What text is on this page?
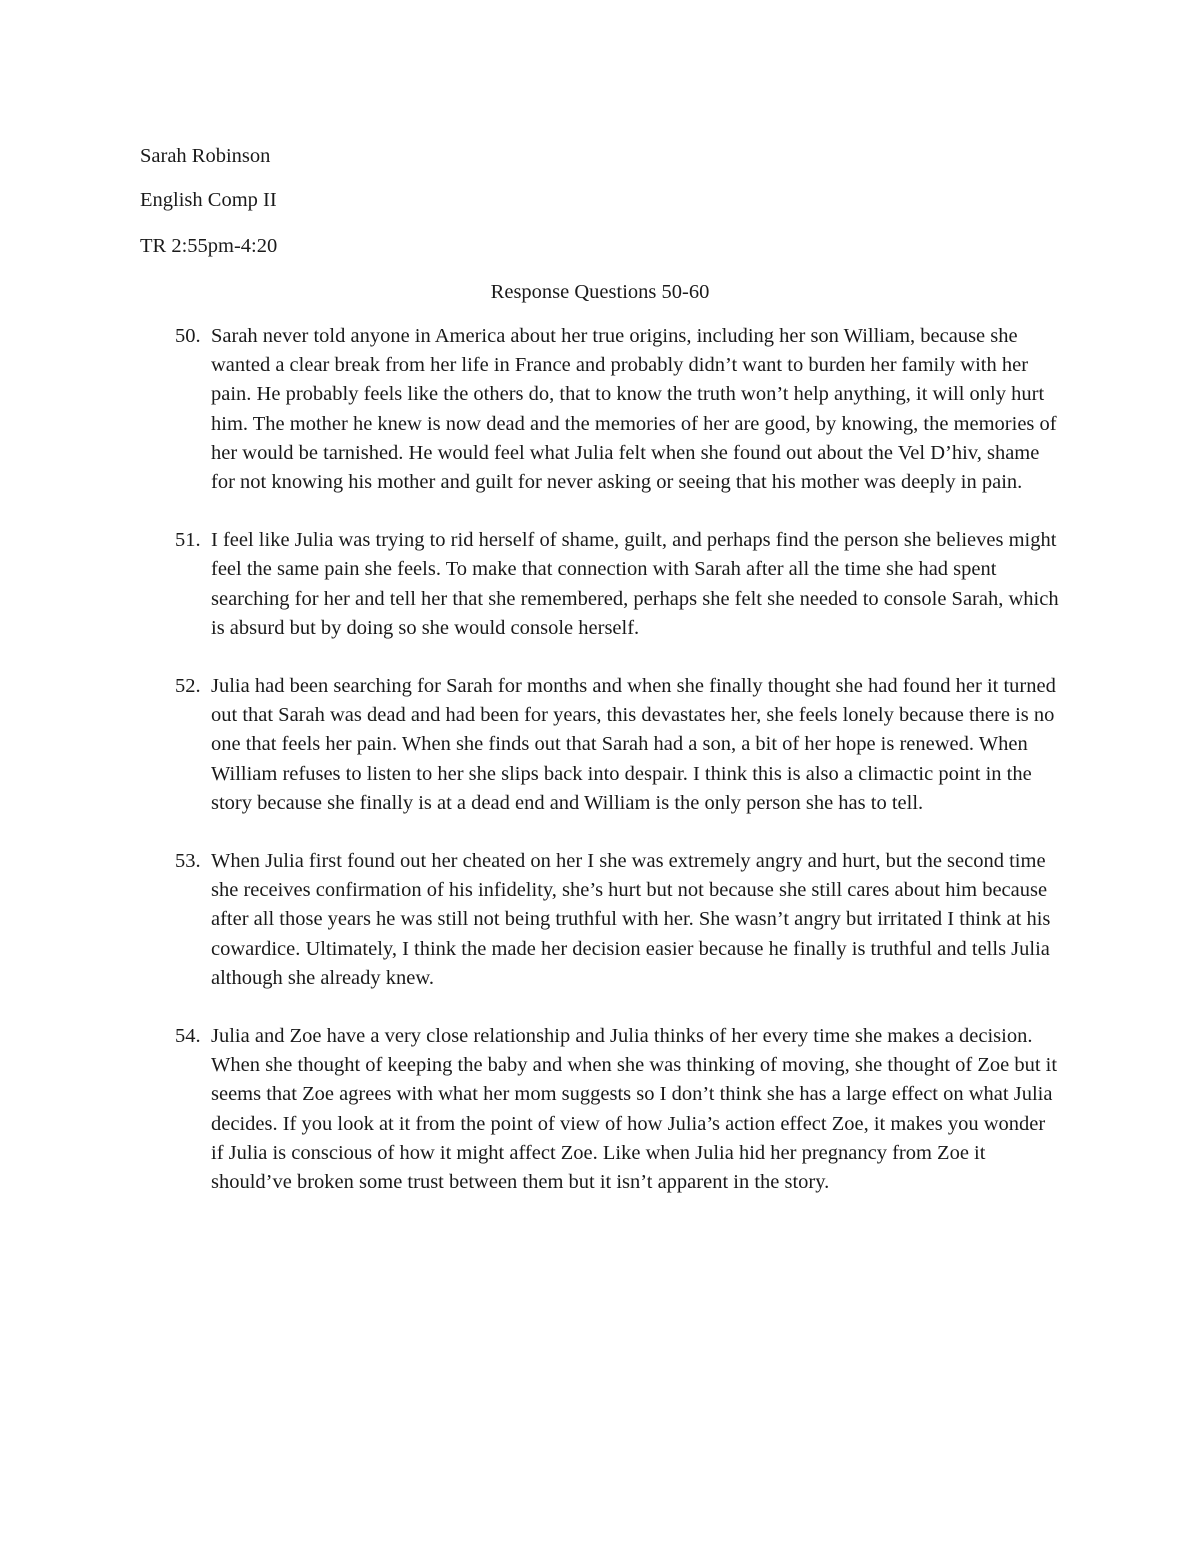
Sarah Robinson
English Comp II
TR 2:55pm-4:20
Response Questions 50-60
50. Sarah never told anyone in America about her true origins, including her son William, because she wanted a clear break from her life in France and probably didn’t want to burden her family with her pain. He probably feels like the others do, that to know the truth won’t help anything, it will only hurt him. The mother he knew is now dead and the memories of her are good, by knowing, the memories of her would be tarnished. He would feel what Julia felt when she found out about the Vel D’hiv, shame for not knowing his mother and guilt for never asking or seeing that his mother was deeply in pain.
51. I feel like Julia was trying to rid herself of shame, guilt, and perhaps find the person she believes might feel the same pain she feels. To make that connection with Sarah after all the time she had spent searching for her and tell her that she remembered, perhaps she felt she needed to console Sarah, which is absurd but by doing so she would console herself.
52. Julia had been searching for Sarah for months and when she finally thought she had found her it turned out that Sarah was dead and had been for years, this devastates her, she feels lonely because there is no one that feels her pain. When she finds out that Sarah had a son, a bit of her hope is renewed. When William refuses to listen to her she slips back into despair. I think this is also a climactic point in the story because she finally is at a dead end and William is the only person she has to tell.
53. When Julia first found out her cheated on her I she was extremely angry and hurt, but the second time she receives confirmation of his infidelity, she’s hurt but not because she still cares about him because after all those years he was still not being truthful with her. She wasn’t angry but irritated I think at his cowardice. Ultimately, I think the made her decision easier because he finally is truthful and tells Julia although she already knew.
54. Julia and Zoe have a very close relationship and Julia thinks of her every time she makes a decision. When she thought of keeping the baby and when she was thinking of moving, she thought of Zoe but it seems that Zoe agrees with what her mom suggests so I don’t think she has a large effect on what Julia decides. If you look at it from the point of view of how Julia’s action effect Zoe, it makes you wonder if Julia is conscious of how it might affect Zoe. Like when Julia hid her pregnancy from Zoe it should’ve broken some trust between them but it isn’t apparent in the story.
